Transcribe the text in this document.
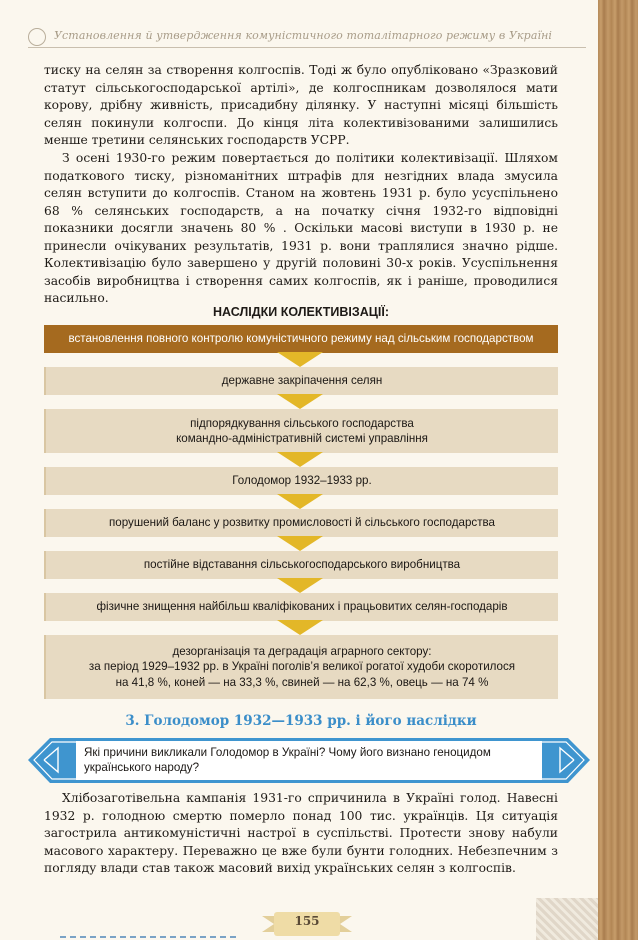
Установлення й утвердження комуністичного тоталітарного режиму в Україні

тиску на селян за створення колгоспів. Тоді ж було опубліковано «Зразковий статут сільськогосподарської артілі», де колгоспникам дозволялося мати корову, дрібну живність, присадибну ділянку. У наступні місяці більшість селян покинули колгоспи. До кінця літа колективізованими залишились менше третини селянських господарств УСРР.

З осені 1930-го режим повертається до політики колективізації. Шляхом податкового тиску, різноманітних штрафів для незгідних влада змусила селян вступити до колгоспів. Станом на жовтень 1931 р. було усуспільнено 68 % селянських господарств, а на початку січня 1932-го відповідні показники досягли значень 80 % . Оскільки масові виступи в 1930 р. не принесли очікуваних результатів, 1931 р. вони траплялися значно рідше. Колективізацію було завершено у другій половині 30-х років. Усуспільнення засобів виробництва і створення самих колгоспів, як і раніше, проводилися насильно.

НАСЛІДКИ КОЛЕКТИВІЗАЦІЇ:
встановлення повного контролю комуністичного режиму над сільським господарством
державне закріпачення селян
підпорядкування сільського господарства
командно-адміністративній системі управління
Голодомор 1932–1933 рр.
порушений баланс у розвитку промисловості й сільського господарства
постійне відставання сільськогосподарського виробництва
фізичне знищення найбільш кваліфікованих і працьовитих селян-господарів
дезорганізація та деградація аграрного сектору:
за період 1929–1932 рр. в Україні поголів’я великої рогатої худоби скоротилося
на 41,8 %, коней — на 33,3 %, свиней — на 62,3 %, овець — на 74 %
3. Голодомор 1932—1933 рр. і його наслідки
Які причини викликали Голодомор в Україні? Чому його визнано геноцидом українського народу?

Хлібозаготівельна кампанія 1931-го спричинила в Україні голод. Навесні 1932 р. голодною смертю померло понад 100 тис. українців. Ця ситуація загострила антикомуністичні настрої в суспільстві. Протести знову набули масового характеру. Переважно це вже були бунти голодних. Небезпечним з погляду влади став також масовий вихід українських селян з колгоспів.

155
